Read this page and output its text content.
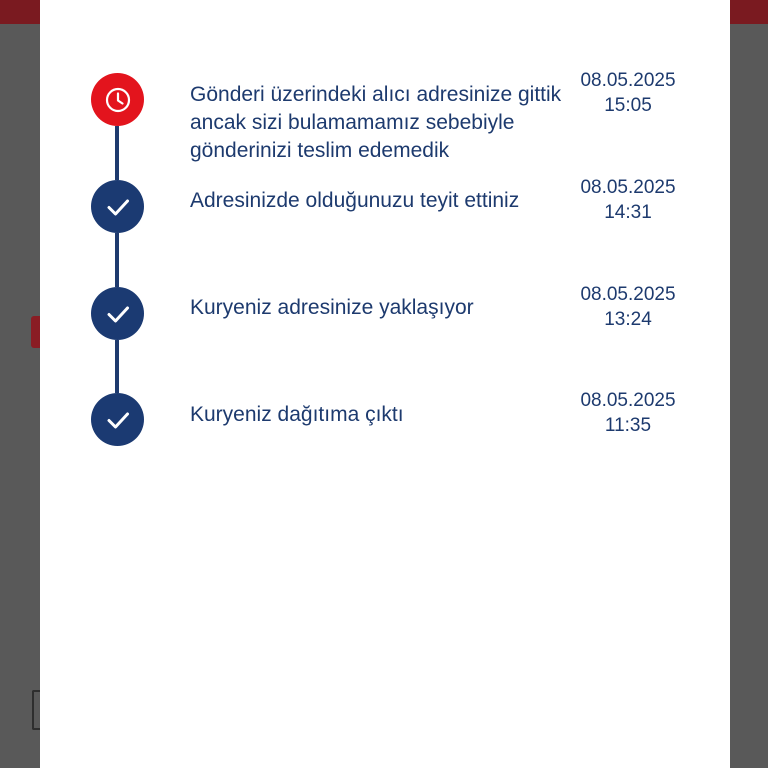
Gönderi üzerindeki alıcı adresinize gittik ancak sizi bulamamamız sebebiyle gönderinizi teslim edemedik
08.05.2025
15:05
Adresinizde olduğunuzu teyit ettiniz
08.05.2025
14:31
Kuryeniz adresinize yaklaşıyor
08.05.2025
13:24
Kuryeniz dağıtıma çıktı
08.05.2025
11:35
